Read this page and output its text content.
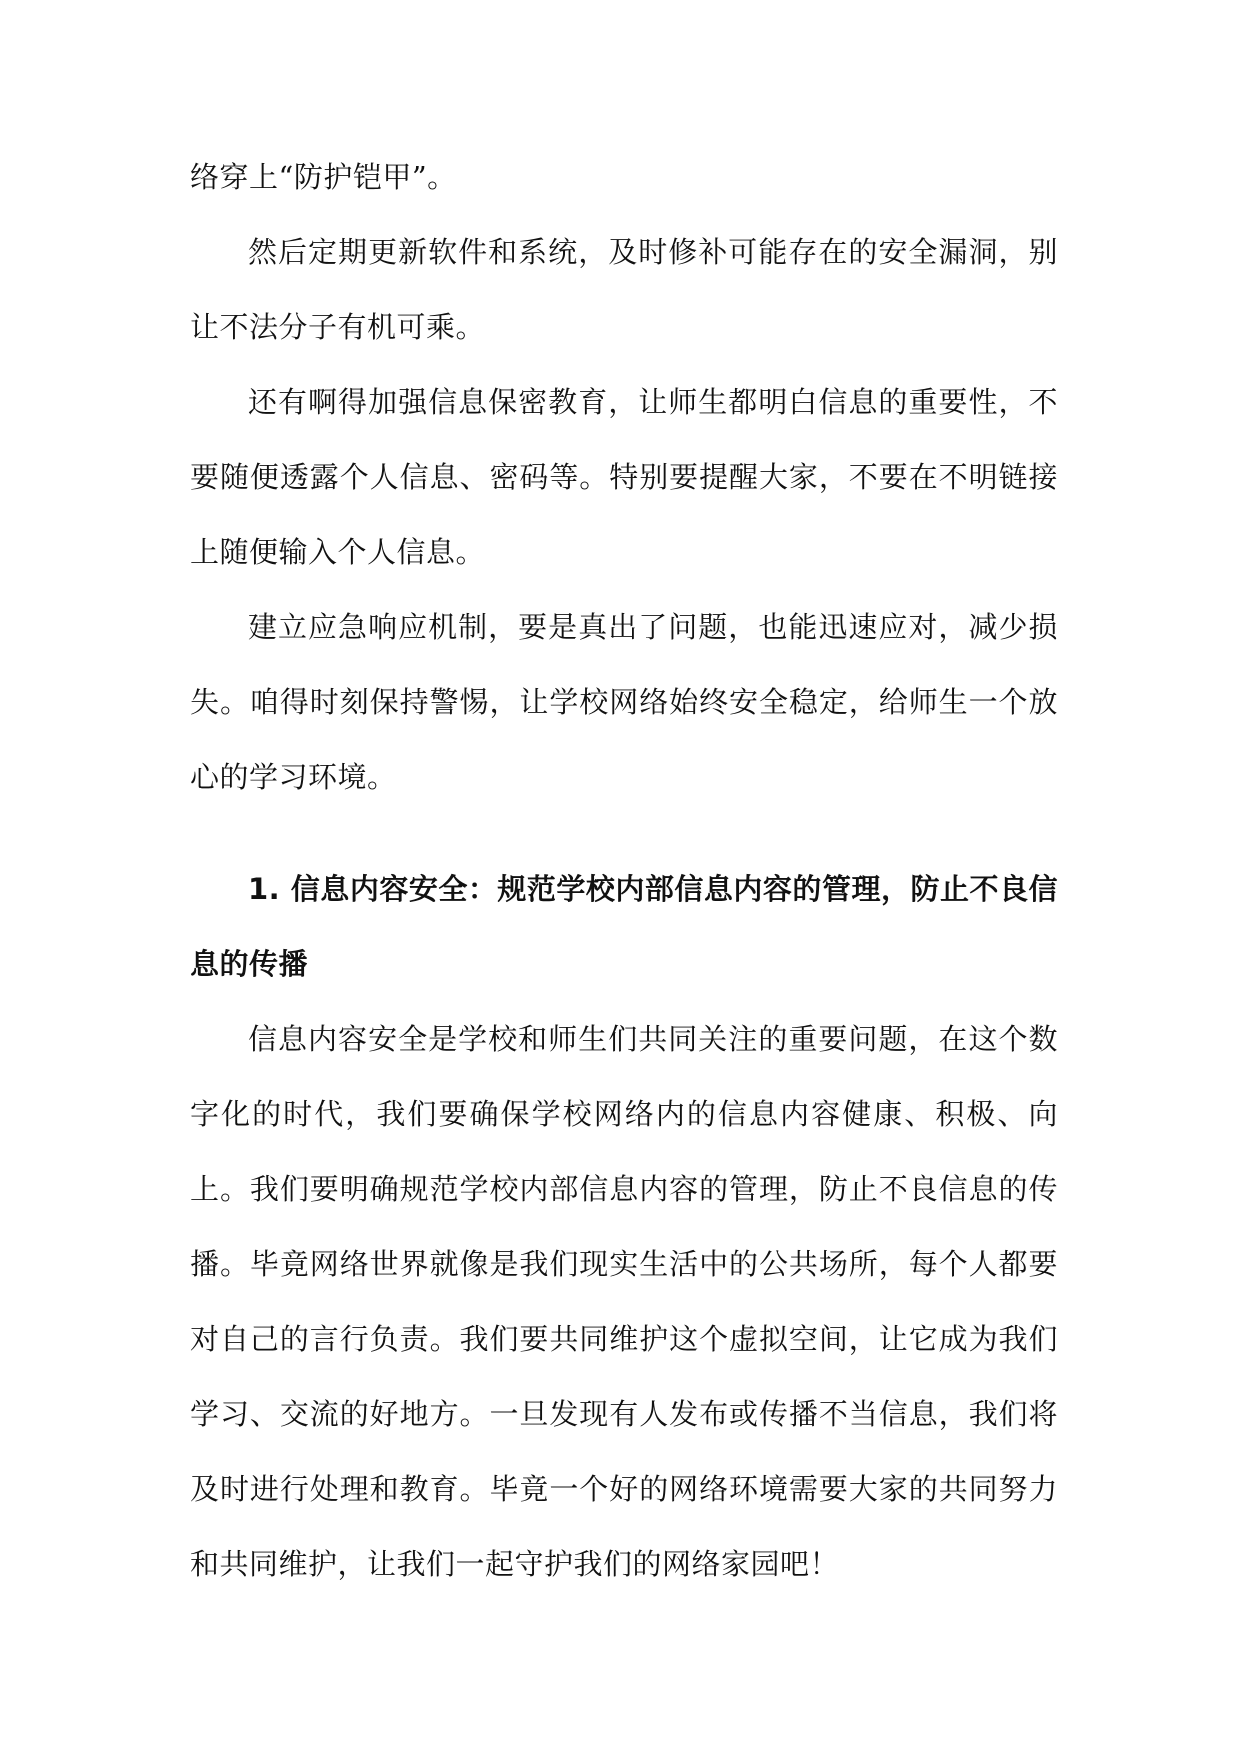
络穿上“防护铠甲”。

然后定期更新软件和系统，及时修补可能存在的安全漏洞，别让不法分子有机可乘。

还有啊得加强信息保密教育，让师生都明白信息的重要性，不要随便透露个人信息、密码等。特别要提醒大家，不要在不明链接上随便输入个人信息。

建立应急响应机制，要是真出了问题，也能迅速应对，减少损失。咱得时刻保持警惕，让学校网络始终安全稳定，给师生一个放心的学习环境。

1. 信息内容安全：规范学校内部信息内容的管理，防止不良信息的传播

信息内容安全是学校和师生们共同关注的重要问题，在这个数字化的时代，我们要确保学校网络内的信息内容健康、积极、向上。我们要明确规范学校内部信息内容的管理，防止不良信息的传播。毕竟网络世界就像是我们现实生活中的公共场所，每个人都要对自己的言行负责。我们要共同维护这个虚拟空间，让它成为我们学习、交流的好地方。一旦发现有人发布或传播不当信息，我们将及时进行处理和教育。毕竟一个好的网络环境需要大家的共同努力和共同维护，让我们一起守护我们的网络家园吧！
